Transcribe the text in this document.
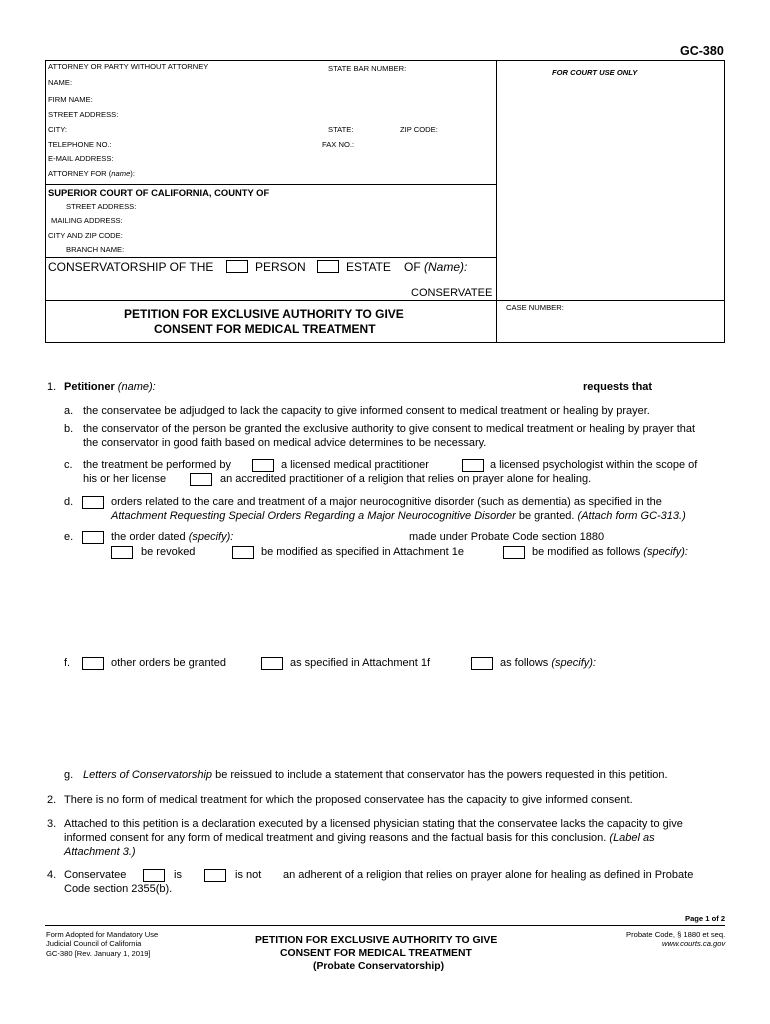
GC-380
ATTORNEY OR PARTY WITHOUT ATTORNEY	STATE BAR NUMBER:	FOR COURT USE ONLY
NAME:
FIRM NAME:
STREET ADDRESS:
CITY:	STATE:	ZIP CODE:
TELEPHONE NO.:	FAX NO.:
E-MAIL ADDRESS:
ATTORNEY FOR (name):
SUPERIOR COURT OF CALIFORNIA, COUNTY OF
STREET ADDRESS:
MAILING ADDRESS:
CITY AND ZIP CODE:
BRANCH NAME:
CONSERVATORSHIP OF THE	PERSON	ESTATE OF (Name):
CONSERVATEE
CASE NUMBER:
PETITION FOR EXCLUSIVE AUTHORITY TO GIVE
CONSENT FOR MEDICAL TREATMENT
1. Petitioner (name):	requests that
a. the conservatee be adjudged to lack the capacity to give informed consent to medical treatment or healing by prayer.
b. the conservator of the person be granted the exclusive authority to give consent to medical treatment or healing by prayer that
the conservator in good faith based on medical advice determines to be necessary.
c. the treatment be performed by	a licensed medical practitioner	a licensed psychologist within the scope of
his or her license	an accredited practitioner of a religion that relies on prayer alone for healing.
d.	orders related to the care and treatment of a major neurocognitive disorder (such as dementia) as specified in the
Attachment Requesting Special Orders Regarding a Major Neurocognitive Disorder be granted. (Attach form GC-313.)
e.	the order dated (specify):	made under Probate Code section 1880
be revoked	be modified as specified in Attachment 1e	be modified as follows (specify):
f.	other orders be granted	as specified in Attachment 1f	as follows (specify):
g. Letters of Conservatorship be reissued to include a statement that conservator has the powers requested in this petition.
2. There is no form of medical treatment for which the proposed conservatee has the capacity to give informed consent.
3. Attached to this petition is a declaration executed by a licensed physician stating that the conservatee lacks the capacity to give
informed consent for any form of medical treatment and giving reasons and the factual basis for this conclusion. (Label as
Attachment 3.)
4. Conservatee	is	is not an adherent of a religion that relies on prayer alone for healing as defined in Probate
Code section 2355(b).
Page 1 of 2
Form Adopted for Mandatory Use
Judicial Council of California
GC-380 [Rev. January 1, 2019]
PETITION FOR EXCLUSIVE AUTHORITY TO GIVE
CONSENT FOR MEDICAL TREATMENT
(Probate Conservatorship)
Probate Code, § 1880 et seq.
www.courts.ca.gov
